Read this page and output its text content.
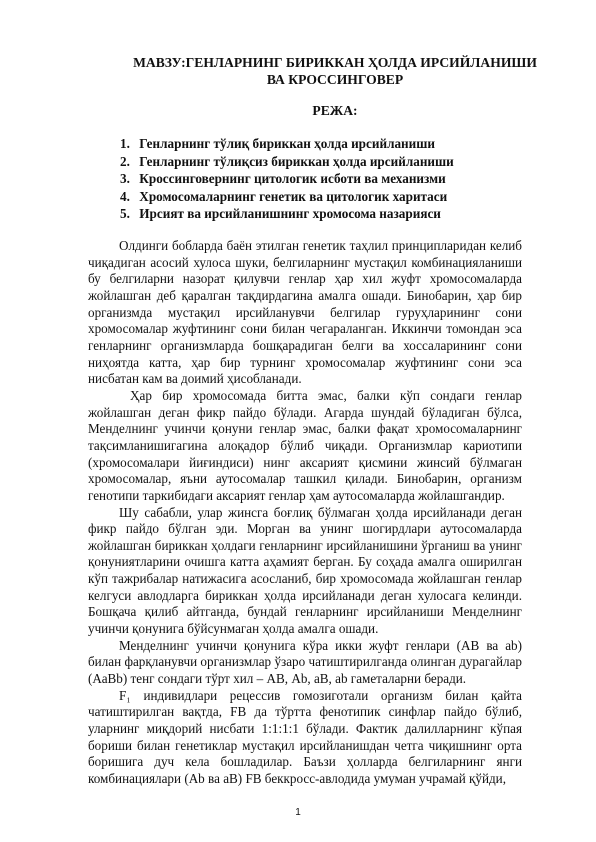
МАВЗУ:ГЕНЛАРНИНГ БИРИККАН ҲОЛДА ИРСИЙЛАНИШИ
ВА КРОССИНГОВЕР
РЕЖА:
1. Генларнинг тўлиқ бириккан ҳолда ирсийланиши
2. Генларнинг тўлиқсиз бириккан ҳолда ирсийланиши
3. Кроссинговернинг цитологик исботи ва механизми
4. Хромосомаларнинг генетик ва цитологик харитаси
5. Ирсият ва ирсийланишнинг хромосома назарияси

Олдинги бобларда баён этилган генетик таҳлил принципларидан келиб чиқадиган асосий хулоса шуки, белгиларнинг мустақил комбинацияланиши бу белгиларни назорат қилувчи генлар ҳар хил жуфт хромосомаларда жойлашган деб қаралган тақдирдагина амалга ошади. Бинобарин, ҳар бир организмда мустақил ирсийланувчи белгилар гуруҳларининг сони хромосомалар жуфтининг сони билан чегараланган. Иккинчи томондан эса генларнинг организмларда бошқарадиган белги ва хоссаларининг сони ниҳоятда катта, ҳар бир турнинг хромосомалар жуфтининг сони эса нисбатан кам ва доимий ҳисобланади.

Ҳар бир хромосомада битта эмас, балки кўп сондаги генлар жойлашган деган фикр пайдо бўлади. Агарда шундай бўладиган бўлса, Менделнинг учинчи қонуни генлар эмас, балки фақат хромосомаларнинг тақсимланишигагина алоқадор бўлиб чиқади. Организмлар кариотипи (хромосомалари йиғиндиси) нинг аксарият қисмини жинсий бўлмаган хромосомалар, яъни аутосомалар ташкил қилади. Бинобарин, организм генотипи таркибидаги аксарият генлар ҳам аутосомаларда жойлашгандир.

Шу сабабли, улар жинсга боғлиқ бўлмаган ҳолда ирсийланади деган фикр пайдо бўлган эди. Морган ва унинг шогирдлари аутосомаларда жойлашган бириккан ҳолдаги генларнинг ирсийланишини ўрганиш ва унинг қонуниятларини очишга катта аҳамият берган. Бу соҳада амалга оширилган кўп тажрибалар натижасига асосланиб, бир хромосомада жойлашган генлар келгуси авлодларга бириккан ҳолда ирсийланади деган хулосага келинди. Бошқача қилиб айтганда, бундай генларнинг ирсийланиши Менделнинг учинчи қонунига бўйсунмаган ҳолда амалга ошади.

Менделнинг учинчи қонунига кўра икки жуфт генлари (АВ ва аb) билан фарқланувчи организмлар ўзаро чатиштирилганда олинган дурагайлар (АаВb) тенг сондаги тўрт хил – АВ, Аb, аВ, аb гаметаларни беради.

F₁ индивидлари рецессив гомозиготали организм билан қайта чатиштирилган вақтда, FB да тўртта фенотипик синфлар пайдо бўлиб, уларнинг миқдорий нисбати 1:1:1:1 бўлади. Фактик далилларнинг кўпая бориши билан генетиклар мустақил ирсийланишдан четга чиқишнинг орта боришига дуч кела бошладилар. Баъзи ҳолларда белгиларнинг янги комбинациялари (Аb ва аВ) FB беккросс-авлодида умуман учрамай қўйди,

1
